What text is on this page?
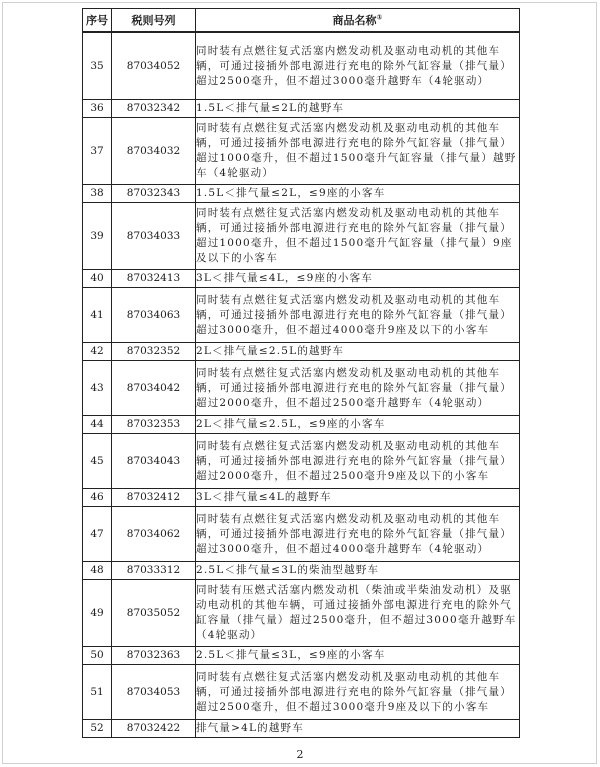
序号	税则号列	商品名称①
35	87034052	同时装有点燃往复式活塞内燃发动机及驱动电动机的其他车辆，可通过接插外部电源进行充电的除外气缸容量（排气量）超过2500毫升，但不超过3000毫升越野车（4轮驱动）
36	87032342	1.5L＜排气量≤2L的越野车
37	87034032	同时装有点燃往复式活塞内燃发动机及驱动电动机的其他车辆，可通过接插外部电源进行充电的除外气缸容量（排气量）超过1000毫升，但不超过1500毫升气缸容量（排气量）越野车（4轮驱动）
38	87032343	1.5L＜排气量≤2L，≤9座的小客车
39	87034033	同时装有点燃往复式活塞内燃发动机及驱动电动机的其他车辆，可通过接插外部电源进行充电的除外气缸容量（排气量）超过1000毫升，但不超过1500毫升气缸容量（排气量）9座及以下的小客车
40	87032413	3L＜排气量≤4L，≤9座的小客车
41	87034063	同时装有点燃往复式活塞内燃发动机及驱动电动机的其他车辆，可通过接插外部电源进行充电的除外气缸容量（排气量）超过3000毫升，但不超过4000毫升9座及以下的小客车
42	87032352	2L＜排气量≤2.5L的越野车
43	87034042	同时装有点燃往复式活塞内燃发动机及驱动电动机的其他车辆，可通过接插外部电源进行充电的除外气缸容量（排气量）超过2000毫升，但不超过2500毫升越野车（4轮驱动）
44	87032353	2L＜排气量≤2.5L，≤9座的小客车
45	87034043	同时装有点燃往复式活塞内燃发动机及驱动电动机的其他车辆，可通过接插外部电源进行充电的除外气缸容量（排气量）超过2000毫升，但不超过2500毫升9座及以下的小客车
46	87032412	3L＜排气量≤4L的越野车
47	87034062	同时装有点燃往复式活塞内燃发动机及驱动电动机的其他车辆，可通过接插外部电源进行充电的除外气缸容量（排气量）超过3000毫升，但不超过4000毫升越野车（4轮驱动）
48	87033312	2.5L＜排气量≤3L的柴油型越野车
49	87035052	同时装有压燃式活塞内燃发动机（柴油或半柴油发动机）及驱动电动机的其他车辆，可通过接插外部电源进行充电的除外气缸容量（排气量）超过2500毫升，但不超过3000毫升越野车（4轮驱动）
50	87032363	2.5L＜排气量≤3L，≤9座的小客车
51	87034053	同时装有点燃往复式活塞内燃发动机及驱动电动机的其他车辆，可通过接插外部电源进行充电的除外气缸容量（排气量）超过2500毫升，但不超过3000毫升9座及以下的小客车
52	87032422	排气量>4L的越野车
2
